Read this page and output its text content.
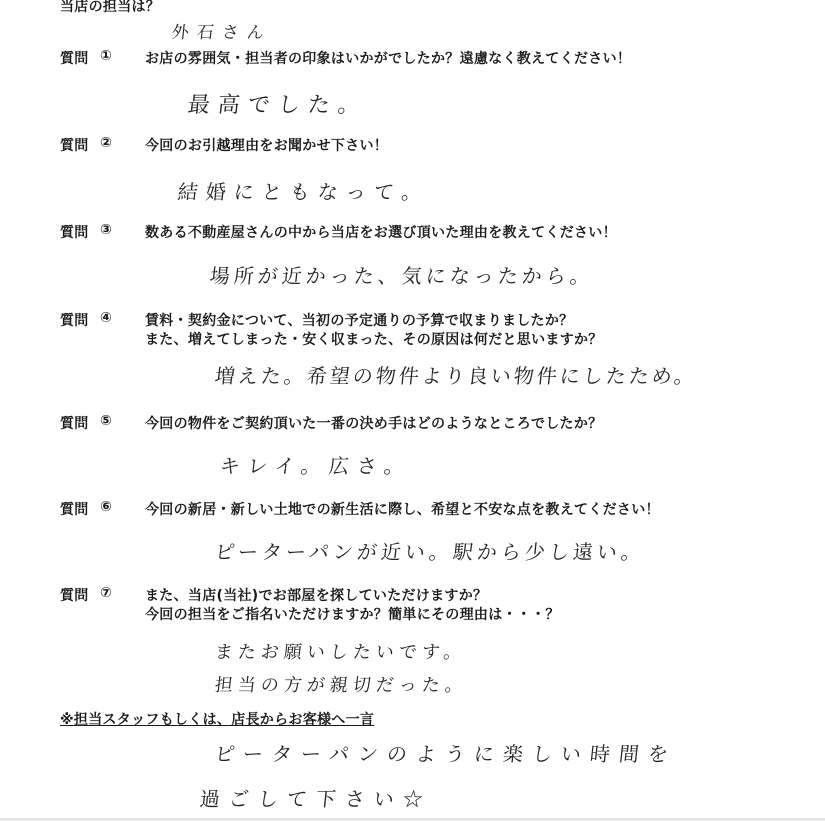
当店の担当は？
外石さん
質問 ① お店の雰囲気・担当者の印象はいかがでしたか？遠慮なく教えてください！
最高でした。
質問 ② 今回のお引越理由をお聞かせ下さい！
結婚にともなって。
質問 ③ 数ある不動産屋さんの中から当店をお選び頂いた理由を教えてください！
場所が近かった、気になったから。
質問 ④ 賃料・契約金について、当初の予定通りの予算で収まりましたか？
また、増えてしまった・安く収まった、その原因は何だと思いますか？
増えた。希望の物件より良い物件にしたため。
質問 ⑤ 今回の物件をご契約頂いた一番の決め手はどのようなところでしたか？
キレイ。広さ。
質問 ⑥ 今回の新居・新しい土地での新生活に際し、希望と不安な点を教えてください！
ピーターパンが近い。駅から少し遠い。
質問 ⑦ また、当店(当社)でお部屋を探していただけますか？
今回の担当をご指名いただけますか？簡単にその理由は・・・？
またお願いしたいです。
担当の方が親切だった。
※担当スタッフもしくは、店長からお客様へ一言
ピーターパンのように楽しい時間を
過ごして下さい☆
